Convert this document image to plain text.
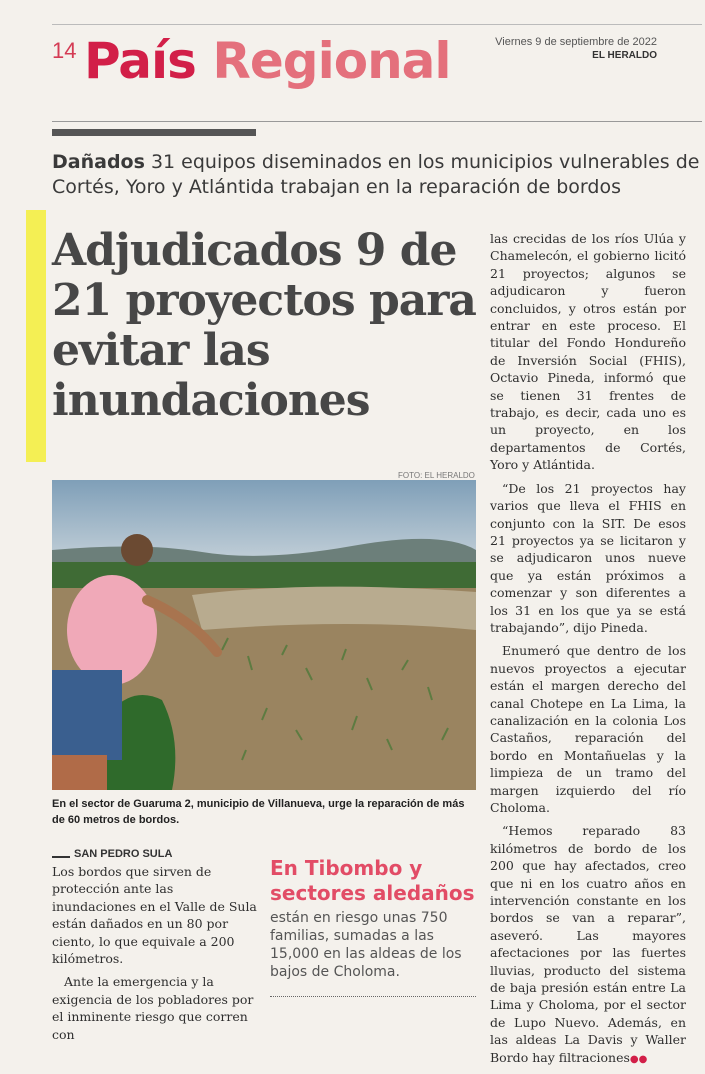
14 País Regional	Viernes 9 de septiembre de 2022
EL HERALDO
Dañados 31 equipos diseminados en los municipios vulnerables de Cortés, Yoro y Atlántida trabajan en la reparación de bordos
Adjudicados 9 de 21 proyectos para evitar las inundaciones
FOTO: EL HERALDO
En el sector de Guaruma 2, municipio de Villanueva, urge la reparación de más de 60 metros de bordos.
SAN PEDRO SULA

Los bordos que sirven de protección ante las inundaciones en el Valle de Sula están dañados en un 80 por ciento, lo que equivale a 200 kilómetros.

Ante la emergencia y la exigencia de los pobladores por el inminente riesgo que corren con

En Tibombo y sectores aledaños
están en riesgo unas 750 familias, sumadas a las 15,000 en las aldeas de los bajos de Choloma.

las crecidas de los ríos Ulúa y Chamelecón, el gobierno licitó 21 proyectos; algunos se adjudicaron y fueron concluidos, y otros están por entrar en este proceso. El titular del Fondo Hondureño de Inversión Social (FHIS), Octavio Pineda, informó que se tienen 31 frentes de trabajo, es decir, cada uno es un proyecto, en los departamentos de Cortés, Yoro y Atlántida.

“De los 21 proyectos hay varios que lleva el FHIS en conjunto con la SIT. De esos 21 proyectos ya se licitaron y se adjudicaron unos nueve que ya están próximos a comenzar y son diferentes a los 31 en los que ya se está trabajando”, dijo Pineda.

Enumeró que dentro de los nuevos proyectos a ejecutar están el margen derecho del canal Chotepe en La Lima, la canalización en la colonia Los Castaños, reparación del bordo en Montañuelas y la limpieza de un tramo del margen izquierdo del río Choloma.

“Hemos reparado 83 kilómetros de bordo de los 200 que hay afectados, creo que ni en los cuatro años en intervención constante en los bordos se van a reparar”, aseveró. Las mayores afectaciones por las fuertes lluvias, producto del sistema de baja presión están entre La Lima y Choloma, por el sector de Lupo Nuevo. Además, en las aldeas La Davis y Waller Bordo hay filtraciones●●
